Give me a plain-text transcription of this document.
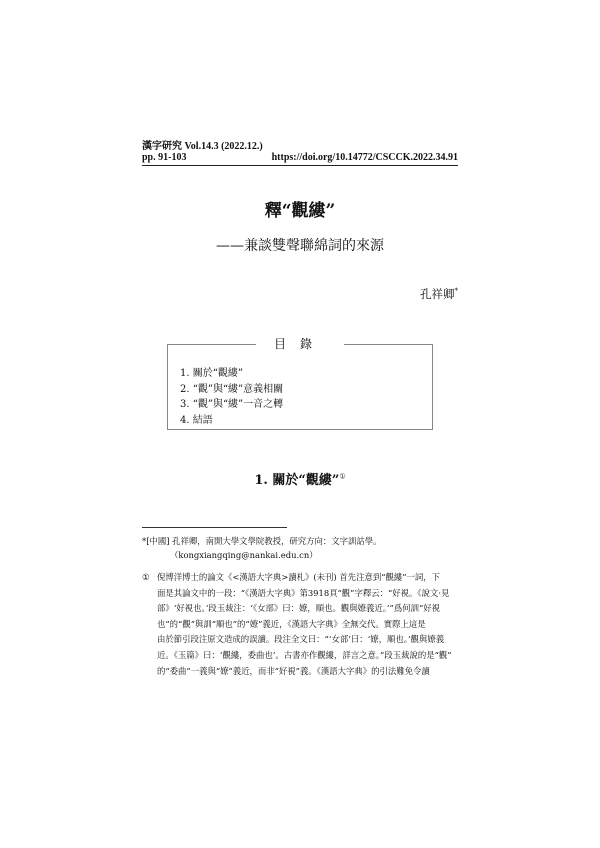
漢字研究 Vol.14.3 (2022.12.)
pp. 91-103	https://doi.org/10.14772/CSCCK.2022.34.91
釋“觀縷”
——兼談雙聲聯綿詞的來源
孔祥卿*
目錄
1. 關於“觀縷”
2. “觀”與“縷”意義相關
3. “觀”與“縷”一音之轉
4. 結語
1. 關於“觀縷”①
*[中國] 孔祥卿，南開大學文學院教授，研究方向：文字訓詁學。
（kongxiangqing@nankai.edu.cn）
① 倪博洋博士的論文《<漢語大字典>讀札》(未刊) 首先注意到“觀縷”一詞，下
面是其論文中的一段：“《漢語大字典》第3918頁“觀”字釋云：“好視。《說文·見
部》‘好視也。’段玉裁注：‘《女部》曰：嫽，順也。觀與嫽義近。’”爲何訓“好視
也”的“觀”與訓“順也”的“嫽”義近，《漢語大字典》全無交代。實際上這是
由於節引段注原文造成的誤讀。段注全文曰：“‘女部’曰：‘嫽，順也。’觀與嫽義
近。《玉篇》曰：‘觀縷，委曲也’。古書亦作觀縷，詳言之意。”段玉裁說的是“觀”
的“委曲”一義與“嫽”義近，而非“好視”義。《漢語大字典》的引法難免令讀
